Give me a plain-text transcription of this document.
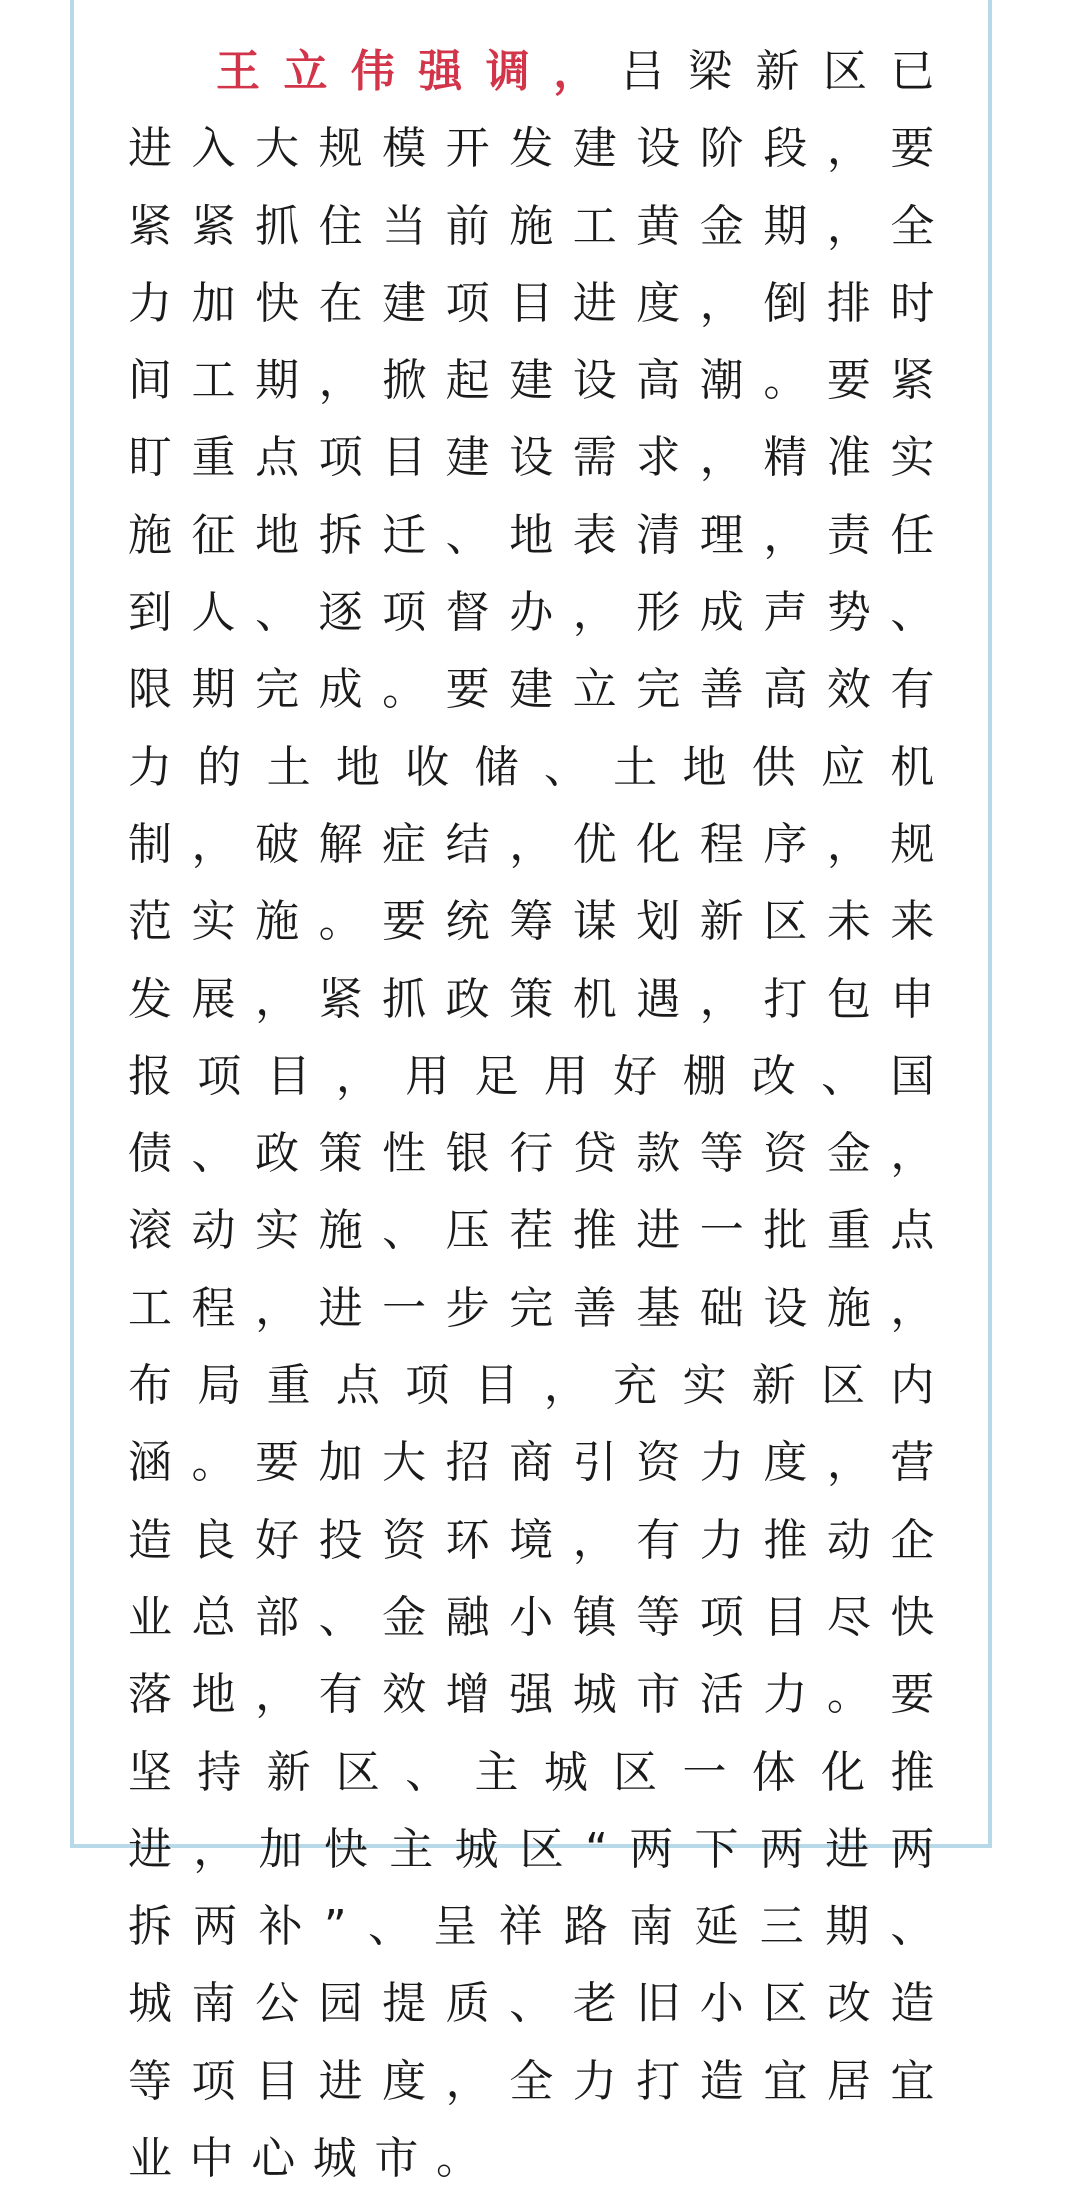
王立伟强调，吕梁新区已进入大规模开发建设阶段，要紧紧抓住当前施工黄金期，全力加快在建项目进度，倒排时间工期，掀起建设高潮。要紧盯重点项目建设需求，精准实施征地拆迁、地表清理，责任到人、逐项督办，形成声势、限期完成。要建立完善高效有力的土地收储、土地供应机制，破解症结，优化程序，规范实施。要统筹谋划新区未来发展，紧抓政策机遇，打包申报项目，用足用好棚改、国债、政策性银行贷款等资金，滚动实施、压茬推进一批重点工程，进一步完善基础设施，布局重点项目，充实新区内涵。要加大招商引资力度，营造良好投资环境，有力推动企业总部、金融小镇等项目尽快落地，有效增强城市活力。要坚持新区、主城区一体化推进，加快主城区“两下两进两拆两补”、呈祥路南延三期、城南公园提质、老旧小区改造等项目进度，全力打造宜居宜业中心城市。
